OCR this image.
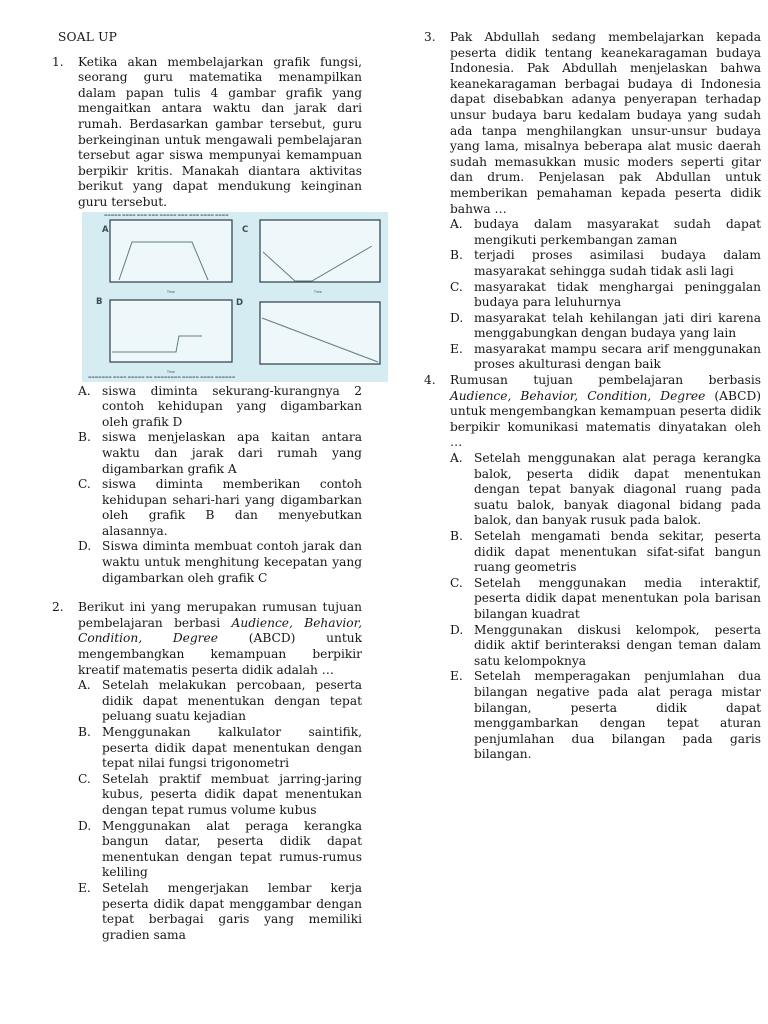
SOAL UP
1.	Ketika akan membelajarkan grafik fungsi, seorang guru matematika menampilkan dalam papan tulis 4 gambar grafik yang mengaitkan antara waktu dan jarak dari rumah. Berdasarkan gambar tersebut, guru berkeinginan untuk mengawali pembelajaran tersebut agar siswa mempunyai kemampuan berpikir kritis. Manakah diantara aktivitas berikut yang dapat mendukung keinginan guru tersebut.
▬▬▬▬▬ ▬▬▬▬ ▬▬▬ ▬▬▬ ▬▬▬▬▬ ▬▬▬ ▬▬▬ ▬▬▬▬ ▬▬▬▬
A	C
B	D
Time	Time
Time
▬▬▬▬▬▬▬ ▬▬▬▬ ▬▬▬▬▬ ▬▬ ▬▬▬▬▬▬▬▬ ▬▬▬▬▬ ▬▬▬▬ ▬▬▬▬▬▬
A. siswa diminta sekurang-kurangnya 2 contoh kehidupan yang digambarkan oleh grafik D
B. siswa menjelaskan apa kaitan antara waktu dan jarak dari rumah yang digambarkan grafik A
C. siswa diminta memberikan contoh kehidupan sehari-hari yang digambarkan oleh grafik B dan menyebutkan alasannya.
D. Siswa diminta membuat contoh jarak dan waktu untuk menghitung kecepatan yang digambarkan oleh grafik C
2.	Berikut ini yang merupakan rumusan tujuan pembelajaran berbasi Audience, Behavior, Condition, Degree (ABCD) untuk mengembangkan kemampuan berpikir kreatif matematis peserta didik adalah …
A. Setelah melakukan percobaan, peserta didik dapat menentukan dengan tepat peluang suatu kejadian
B. Menggunakan kalkulator saintifik, peserta didik dapat menentukan dengan tepat nilai fungsi trigonometri
C. Setelah praktif membuat jarring-jaring kubus, peserta didik dapat menentukan dengan tepat rumus volume kubus
D. Menggunakan alat peraga kerangka bangun datar, peserta didik dapat menentukan dengan tepat rumus-rumus keliling
E. Setelah mengerjakan lembar kerja peserta didik dapat menggambar dengan tepat berbagai garis yang memiliki gradien sama
3.	Pak Abdullah sedang membelajarkan kepada peserta didik tentang keanekaragaman budaya Indonesia. Pak Abdullah menjelaskan bahwa keanekaragaman berbagai budaya di Indonesia dapat disebabkan adanya penyerapan terhadap unsur budaya baru kedalam budaya yang sudah ada tanpa menghilangkan unsur-unsur budaya yang lama, misalnya beberapa alat music daerah sudah memasukkan music moders seperti gitar dan drum. Penjelasan pak Abdullan untuk memberikan pemahaman kepada peserta didik bahwa …
A. budaya dalam masyarakat sudah dapat mengikuti perkembangan zaman
B. terjadi proses asimilasi budaya dalam masyarakat sehingga sudah tidak asli lagi
C. masyarakat tidak menghargai peninggalan budaya para leluhurnya
D. masyarakat telah kehilangan jati diri karena menggabungkan dengan budaya yang lain
E. masyarakat mampu secara arif menggunakan proses akulturasi dengan baik
4.	Rumusan tujuan pembelajaran berbasis Audience, Behavior, Condition, Degree (ABCD) untuk mengembangkan kemampuan peserta didik berpikir komunikasi matematis dinyatakan oleh …
A. Setelah menggunakan alat peraga kerangka balok, peserta didik dapat menentukan dengan tepat banyak diagonal ruang pada suatu balok, banyak diagonal bidang pada balok, dan banyak rusuk pada balok.
B. Setelah mengamati benda sekitar, peserta didik dapat menentukan sifat-sifat bangun ruang geometris
C. Setelah menggunakan media interaktif, peserta didik dapat menentukan pola barisan bilangan kuadrat
D. Menggunakan diskusi kelompok, peserta didik aktif berinteraksi dengan teman dalam satu kelompoknya
E. Setelah memperagakan penjumlahan dua bilangan negative pada alat peraga mistar bilangan, peserta didik dapat menggambarkan dengan tepat aturan penjumlahan dua bilangan pada garis bilangan.
